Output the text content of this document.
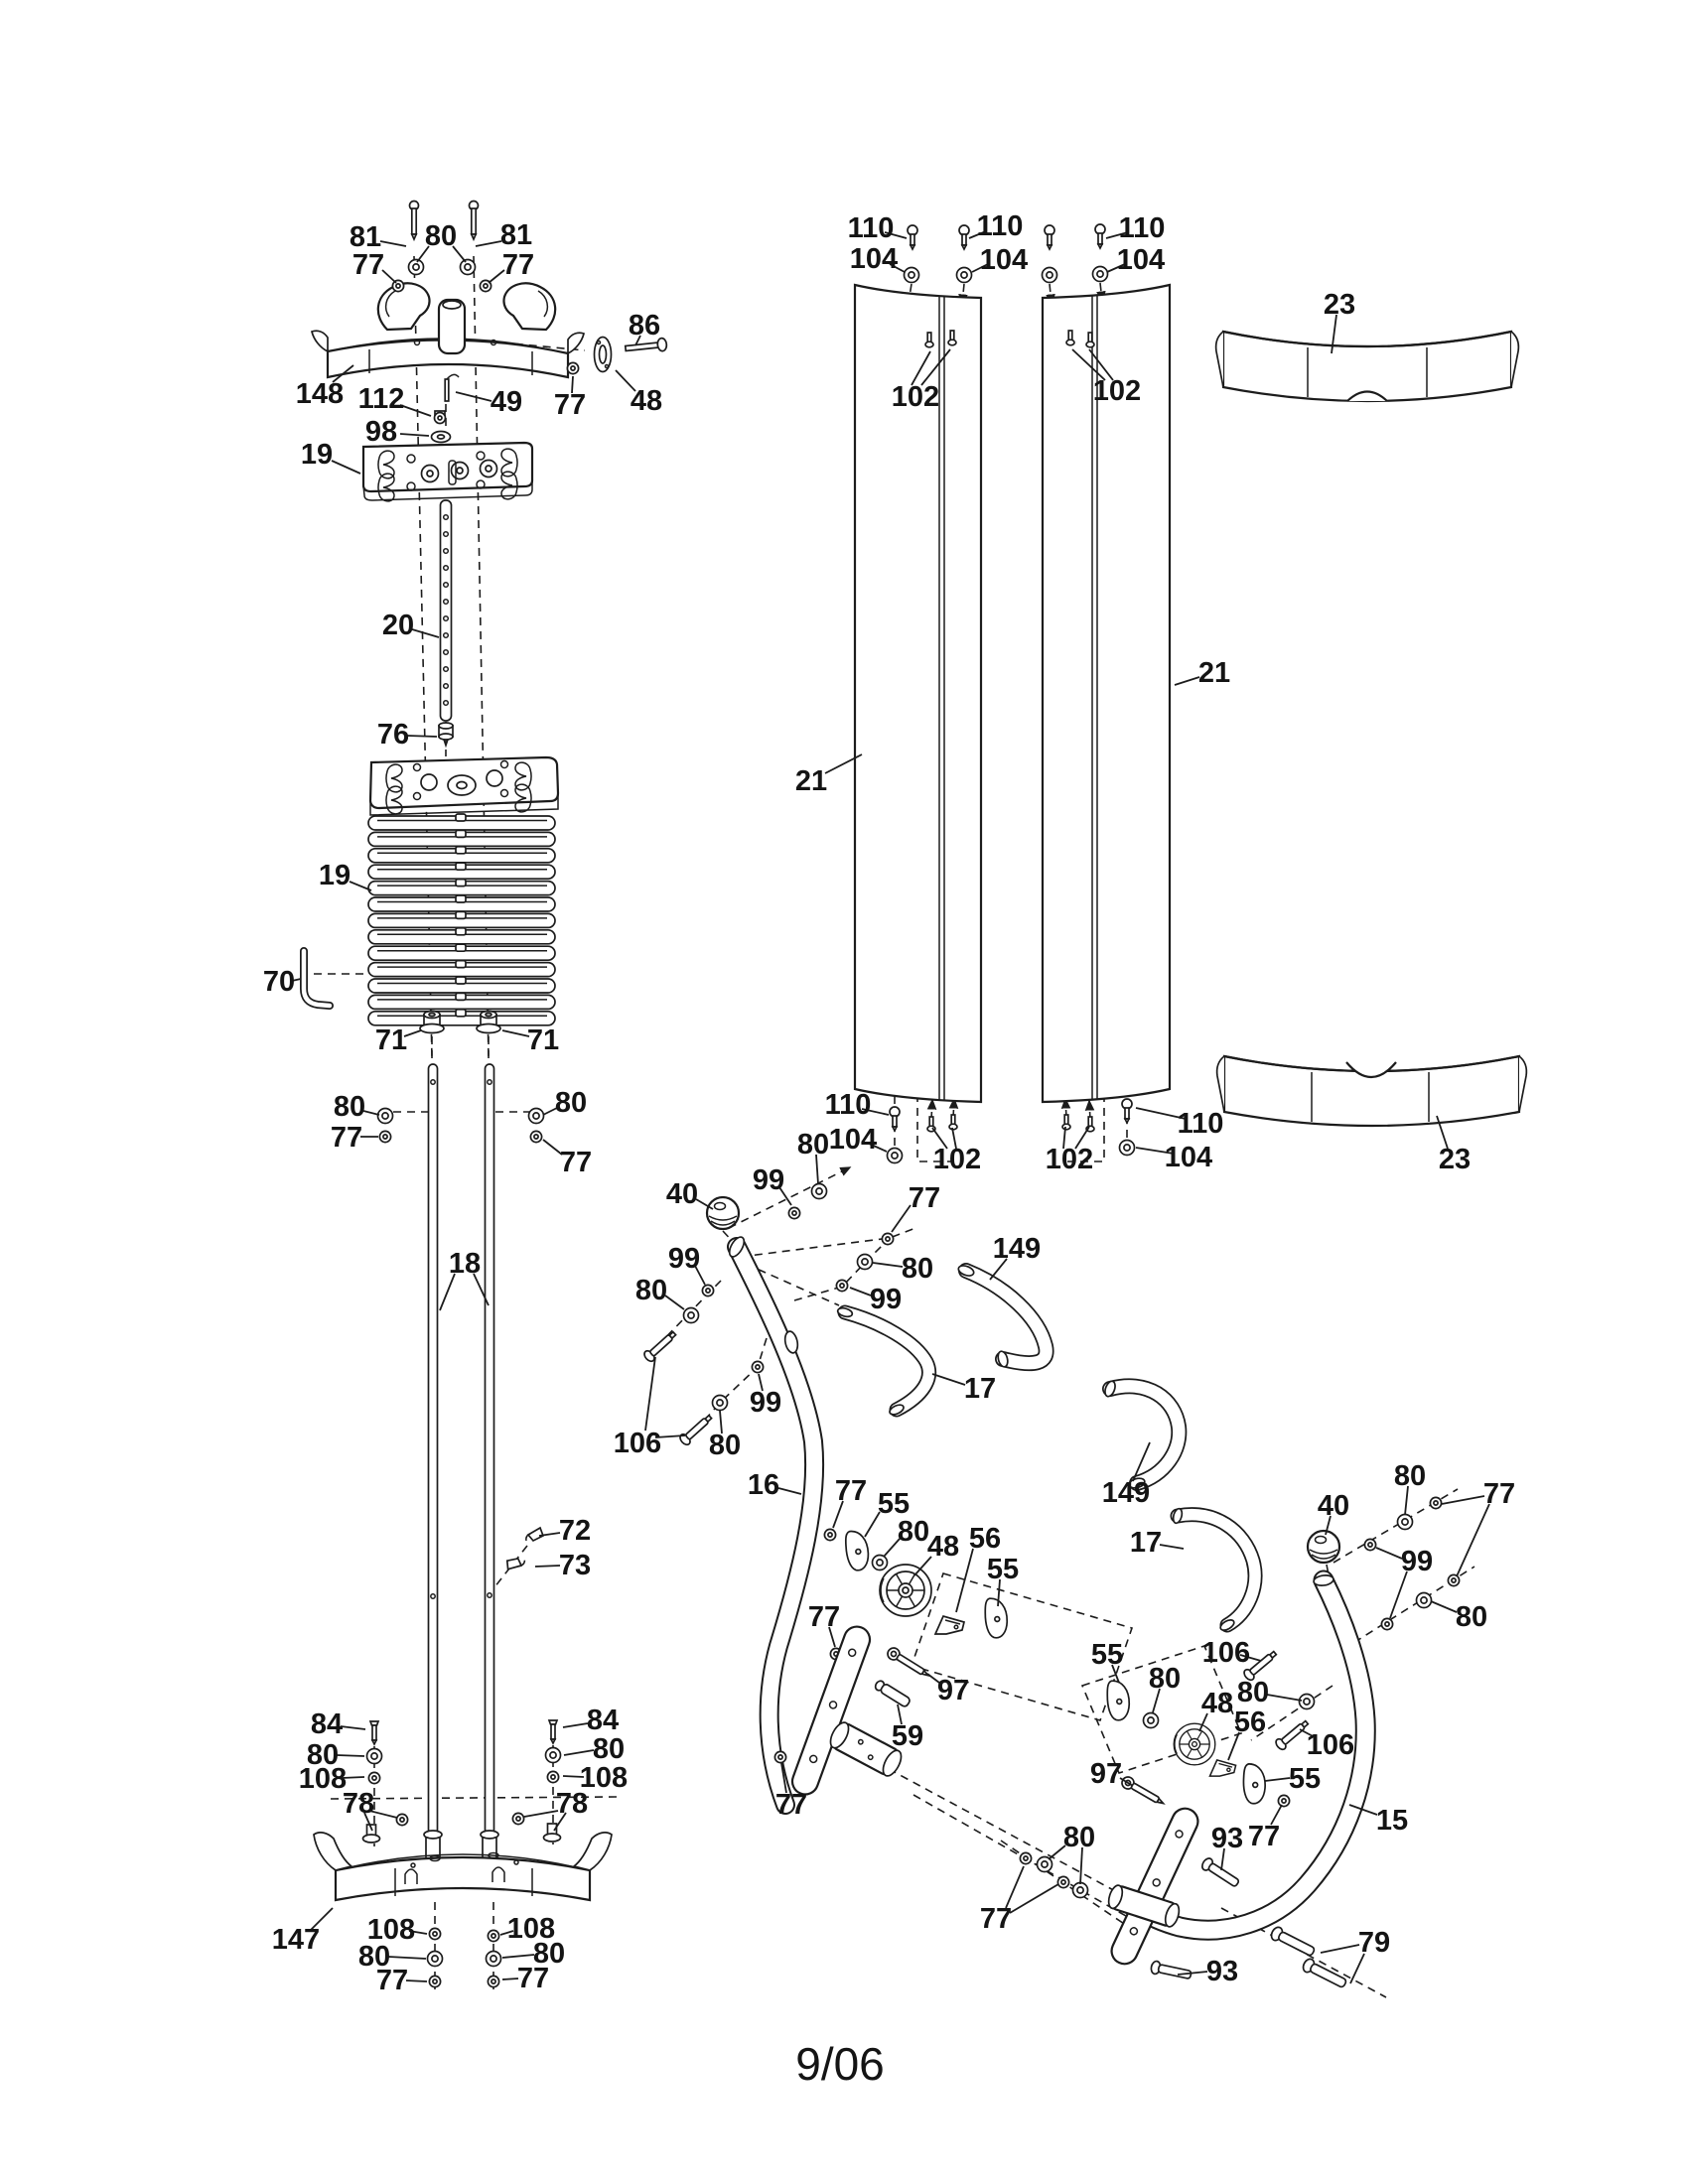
81 80 81
77	77
148
86
48
77
112	49
98
19
20
76
19
70
71	71
80
77
80
77
18
72
73
84
80
108
84
80
108
78	78
147 108	108
80	80
77	77
110
104
110
104
110
104
102	102
21
21
23
110
104
102 102
110
104	23
40 99
80
77
80
99
99
80
99
106 80
149
17
16 77 55
80
48 56
55
77
97
59
77
149
17
40
80
77
99
80
106
80
106
55
80
48
56
97	55
77
93
15
80
77
79
93
9/06
